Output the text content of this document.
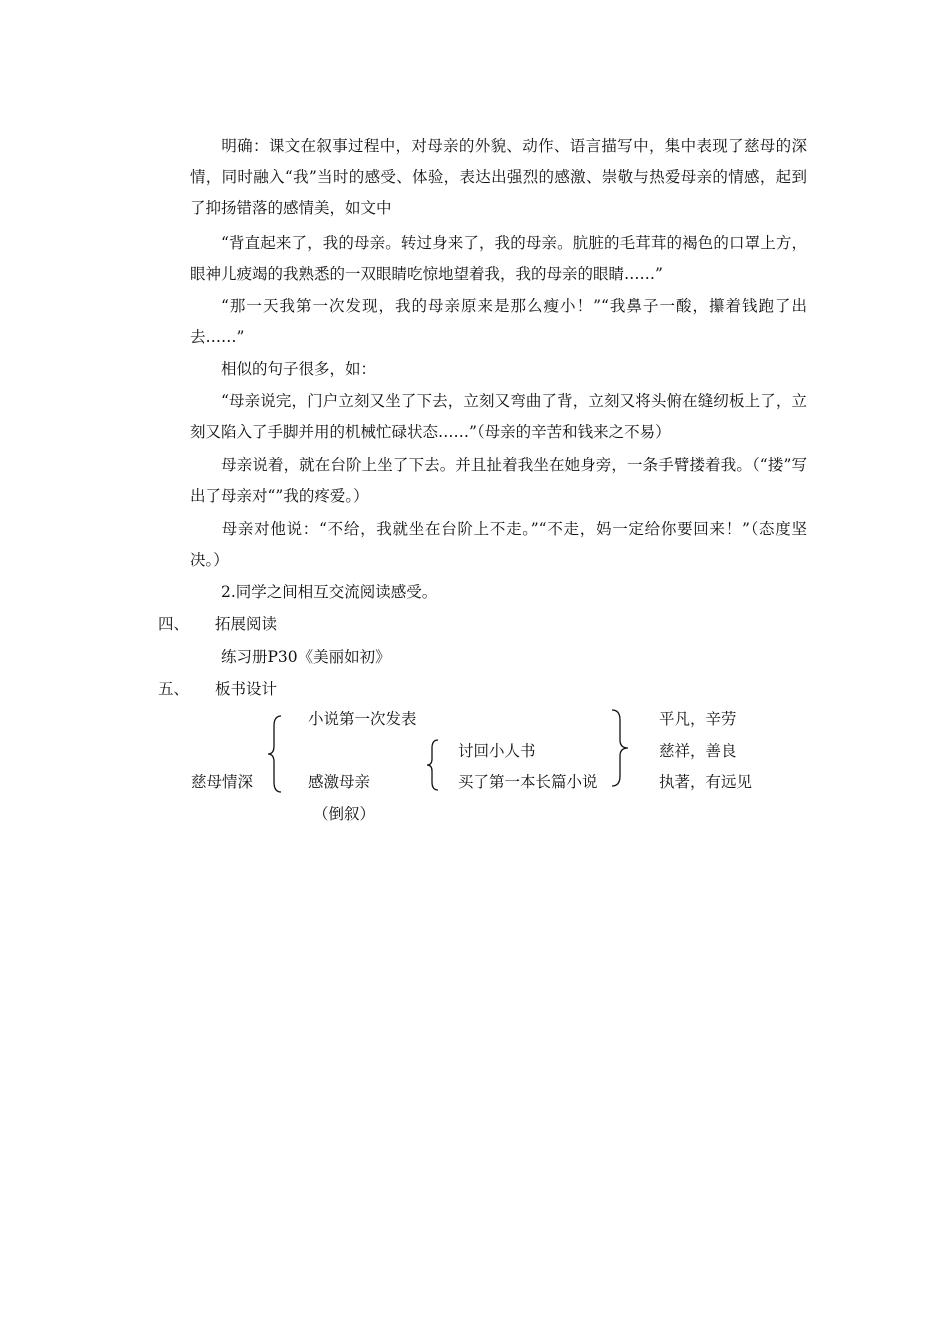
明确：课文在叙事过程中，对母亲的外貌、动作、语言描写中，集中表现了慈母的深情，同时融入“我”当时的感受、体验，表达出强烈的感激、崇敬与热爱母亲的情感，起到了抑扬错落的感情美，如文中

“背直起来了，我的母亲。转过身来了，我的母亲。肮脏的毛茸茸的褐色的口罩上方，眼神儿疲竭的我熟悉的一双眼睛吃惊地望着我，我的母亲的眼睛……”

“那一天我第一次发现，我的母亲原来是那么瘦小！”“我鼻子一酸，攥着钱跑了出去……”

相似的句子很多，如：

“母亲说完，门户立刻又坐了下去，立刻又弯曲了背，立刻又将头俯在缝纫板上了，立刻又陷入了手脚并用的机械忙碌状态……”（母亲的辛苦和钱来之不易）

母亲说着，就在台阶上坐了下去。并且扯着我坐在她身旁，一条手臂搂着我。（“搂”写出了母亲对“”我的疼爱。）

母亲对他说：“不给，我就坐在台阶上不走。”“不走，妈一定给你要回来！”（态度坚决。）

2.同学之间相互交流阅读感受。

四、 拓展阅读
练习册P30《美丽如初》
五、 板书设计
慈母情深
小说第一次发表
感激母亲
（倒叙）
讨回小人书
买了第一本长篇小说
平凡，辛劳
慈祥，善良
执著，有远见
